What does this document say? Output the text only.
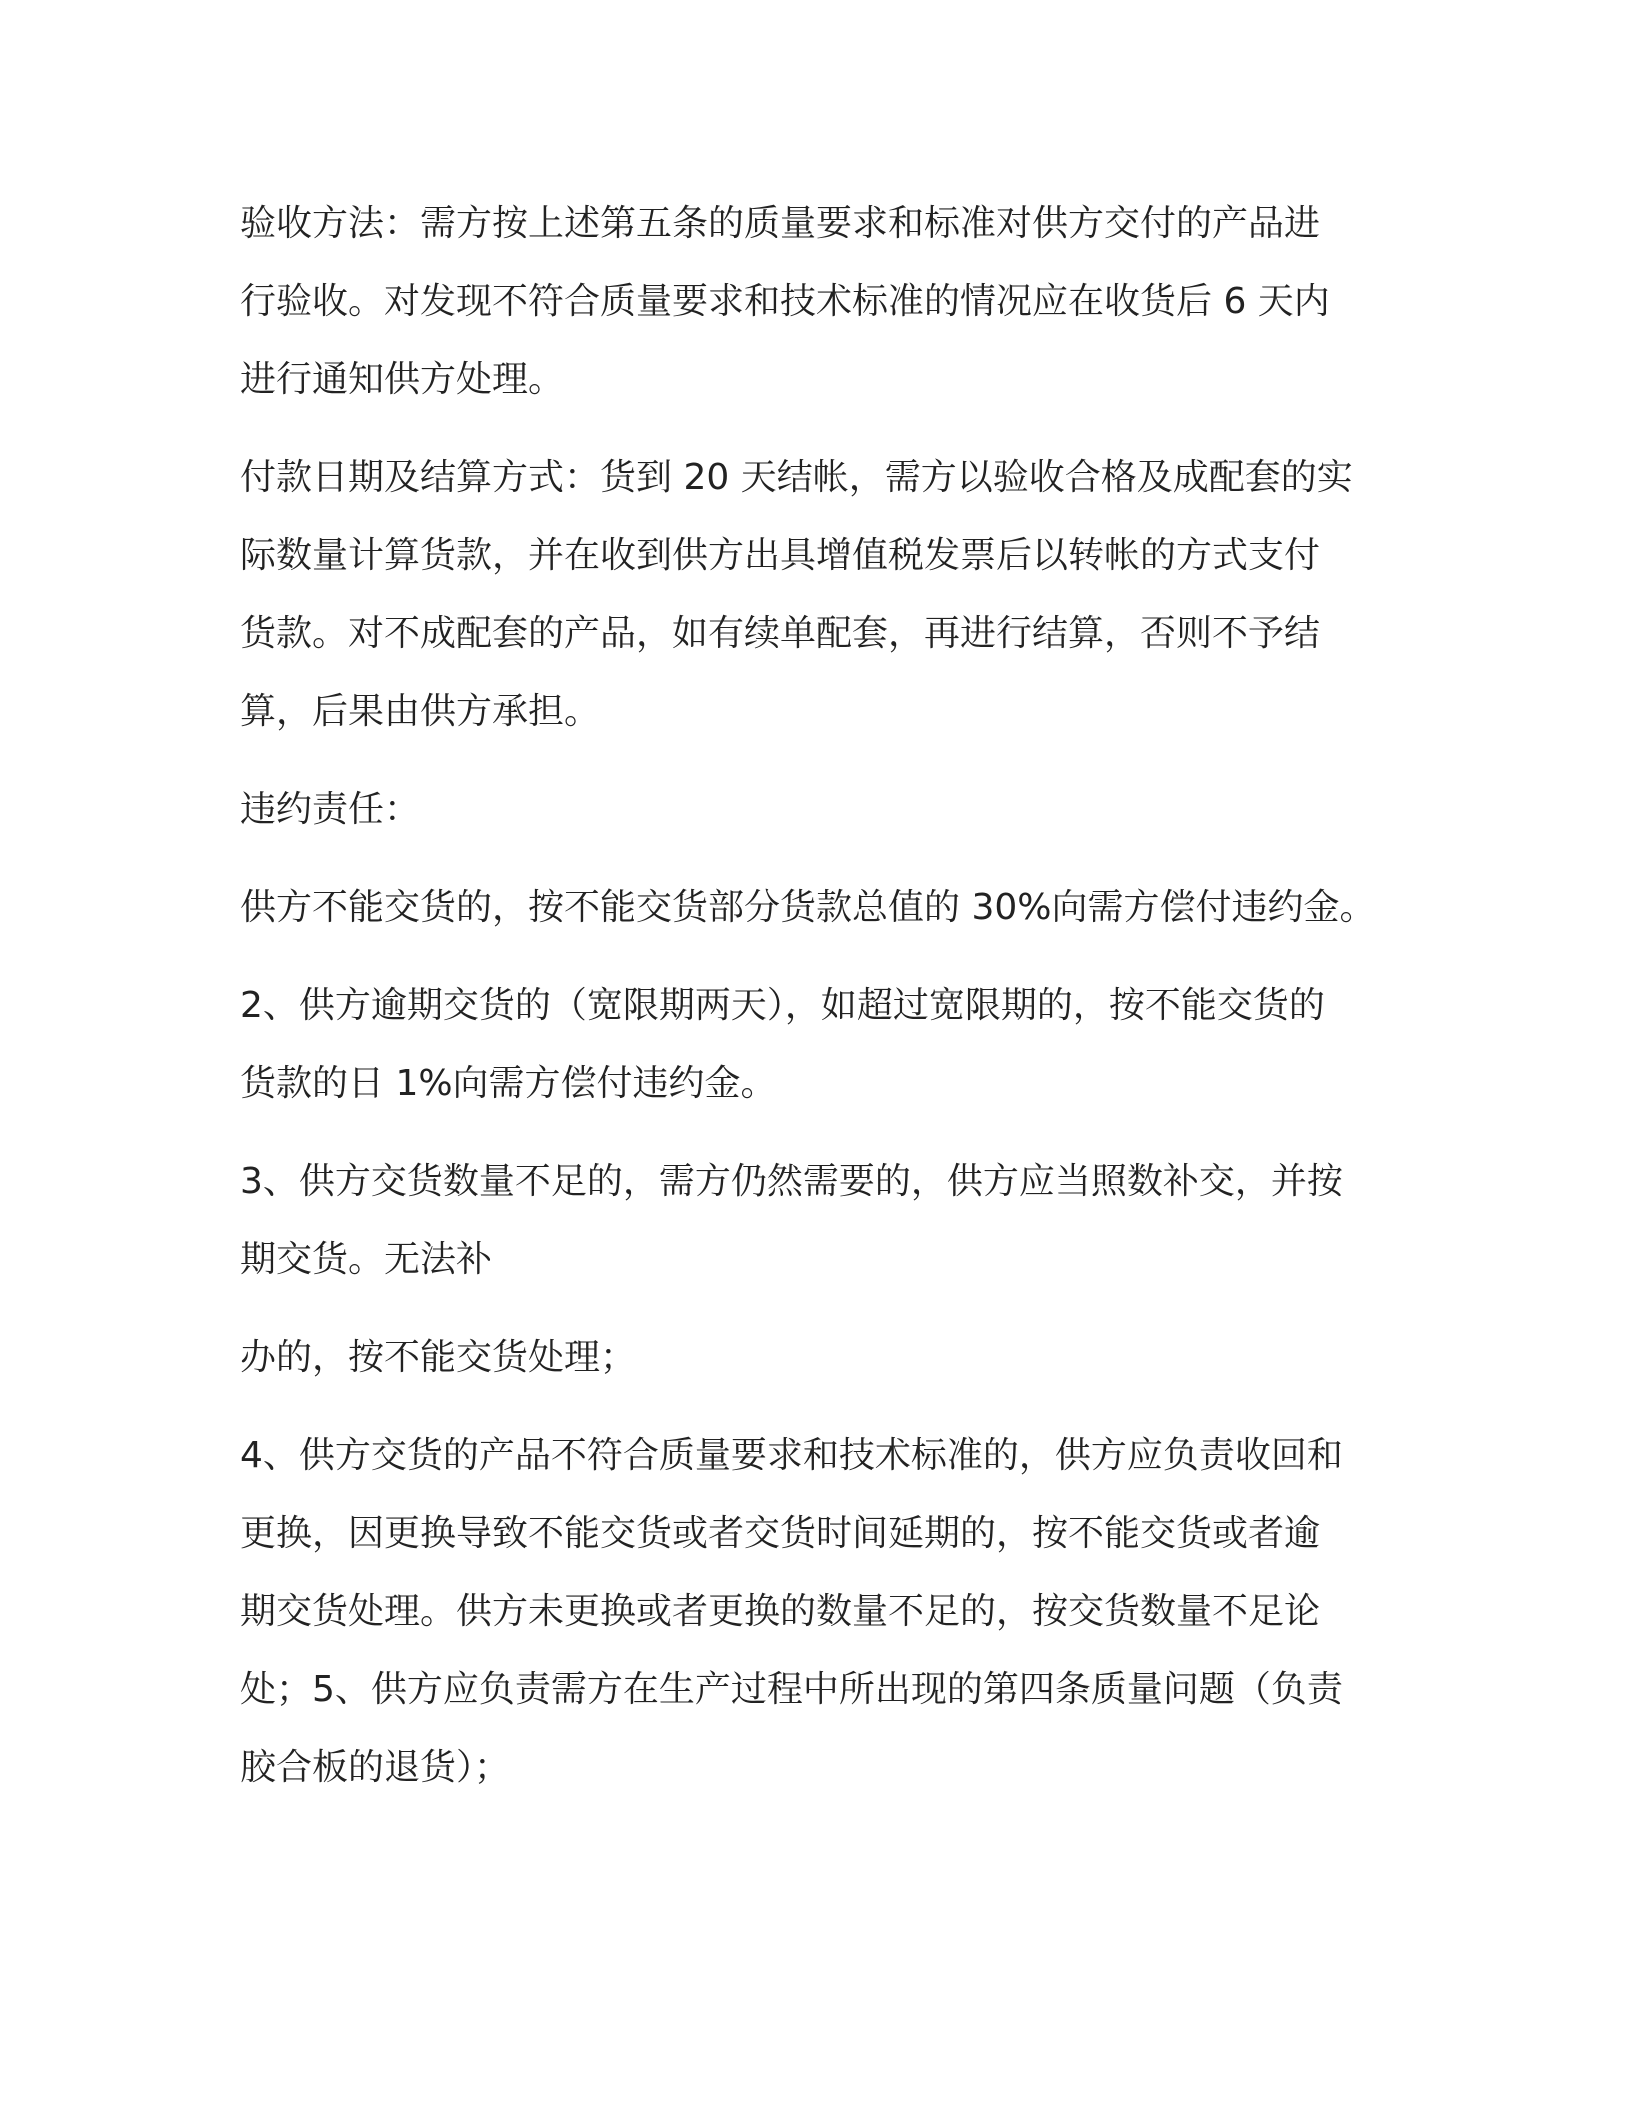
验收方法：需方按上述第五条的质量要求和标准对供方交付的产品进
行验收。对发现不符合质量要求和技术标准的情况应在收货后 6 天内
进行通知供方处理。

付款日期及结算方式：货到 20 天结帐，需方以验收合格及成配套的实
际数量计算货款，并在收到供方出具增值税发票后以转帐的方式支付
货款。对不成配套的产品，如有续单配套，再进行结算，否则不予结
算，后果由供方承担。

违约责任：

供方不能交货的，按不能交货部分货款总值的 30%向需方偿付违约金。

2、供方逾期交货的（宽限期两天），如超过宽限期的，按不能交货的
货款的日 1%向需方偿付违约金。

3、供方交货数量不足的，需方仍然需要的，供方应当照数补交，并按
期交货。无法补

办的，按不能交货处理；

4、供方交货的产品不符合质量要求和技术标准的，供方应负责收回和
更换，因更换导致不能交货或者交货时间延期的，按不能交货或者逾
期交货处理。供方未更换或者更换的数量不足的，按交货数量不足论
处；5、供方应负责需方在生产过程中所出现的第四条质量问题（负责
胶合板的退货）；
